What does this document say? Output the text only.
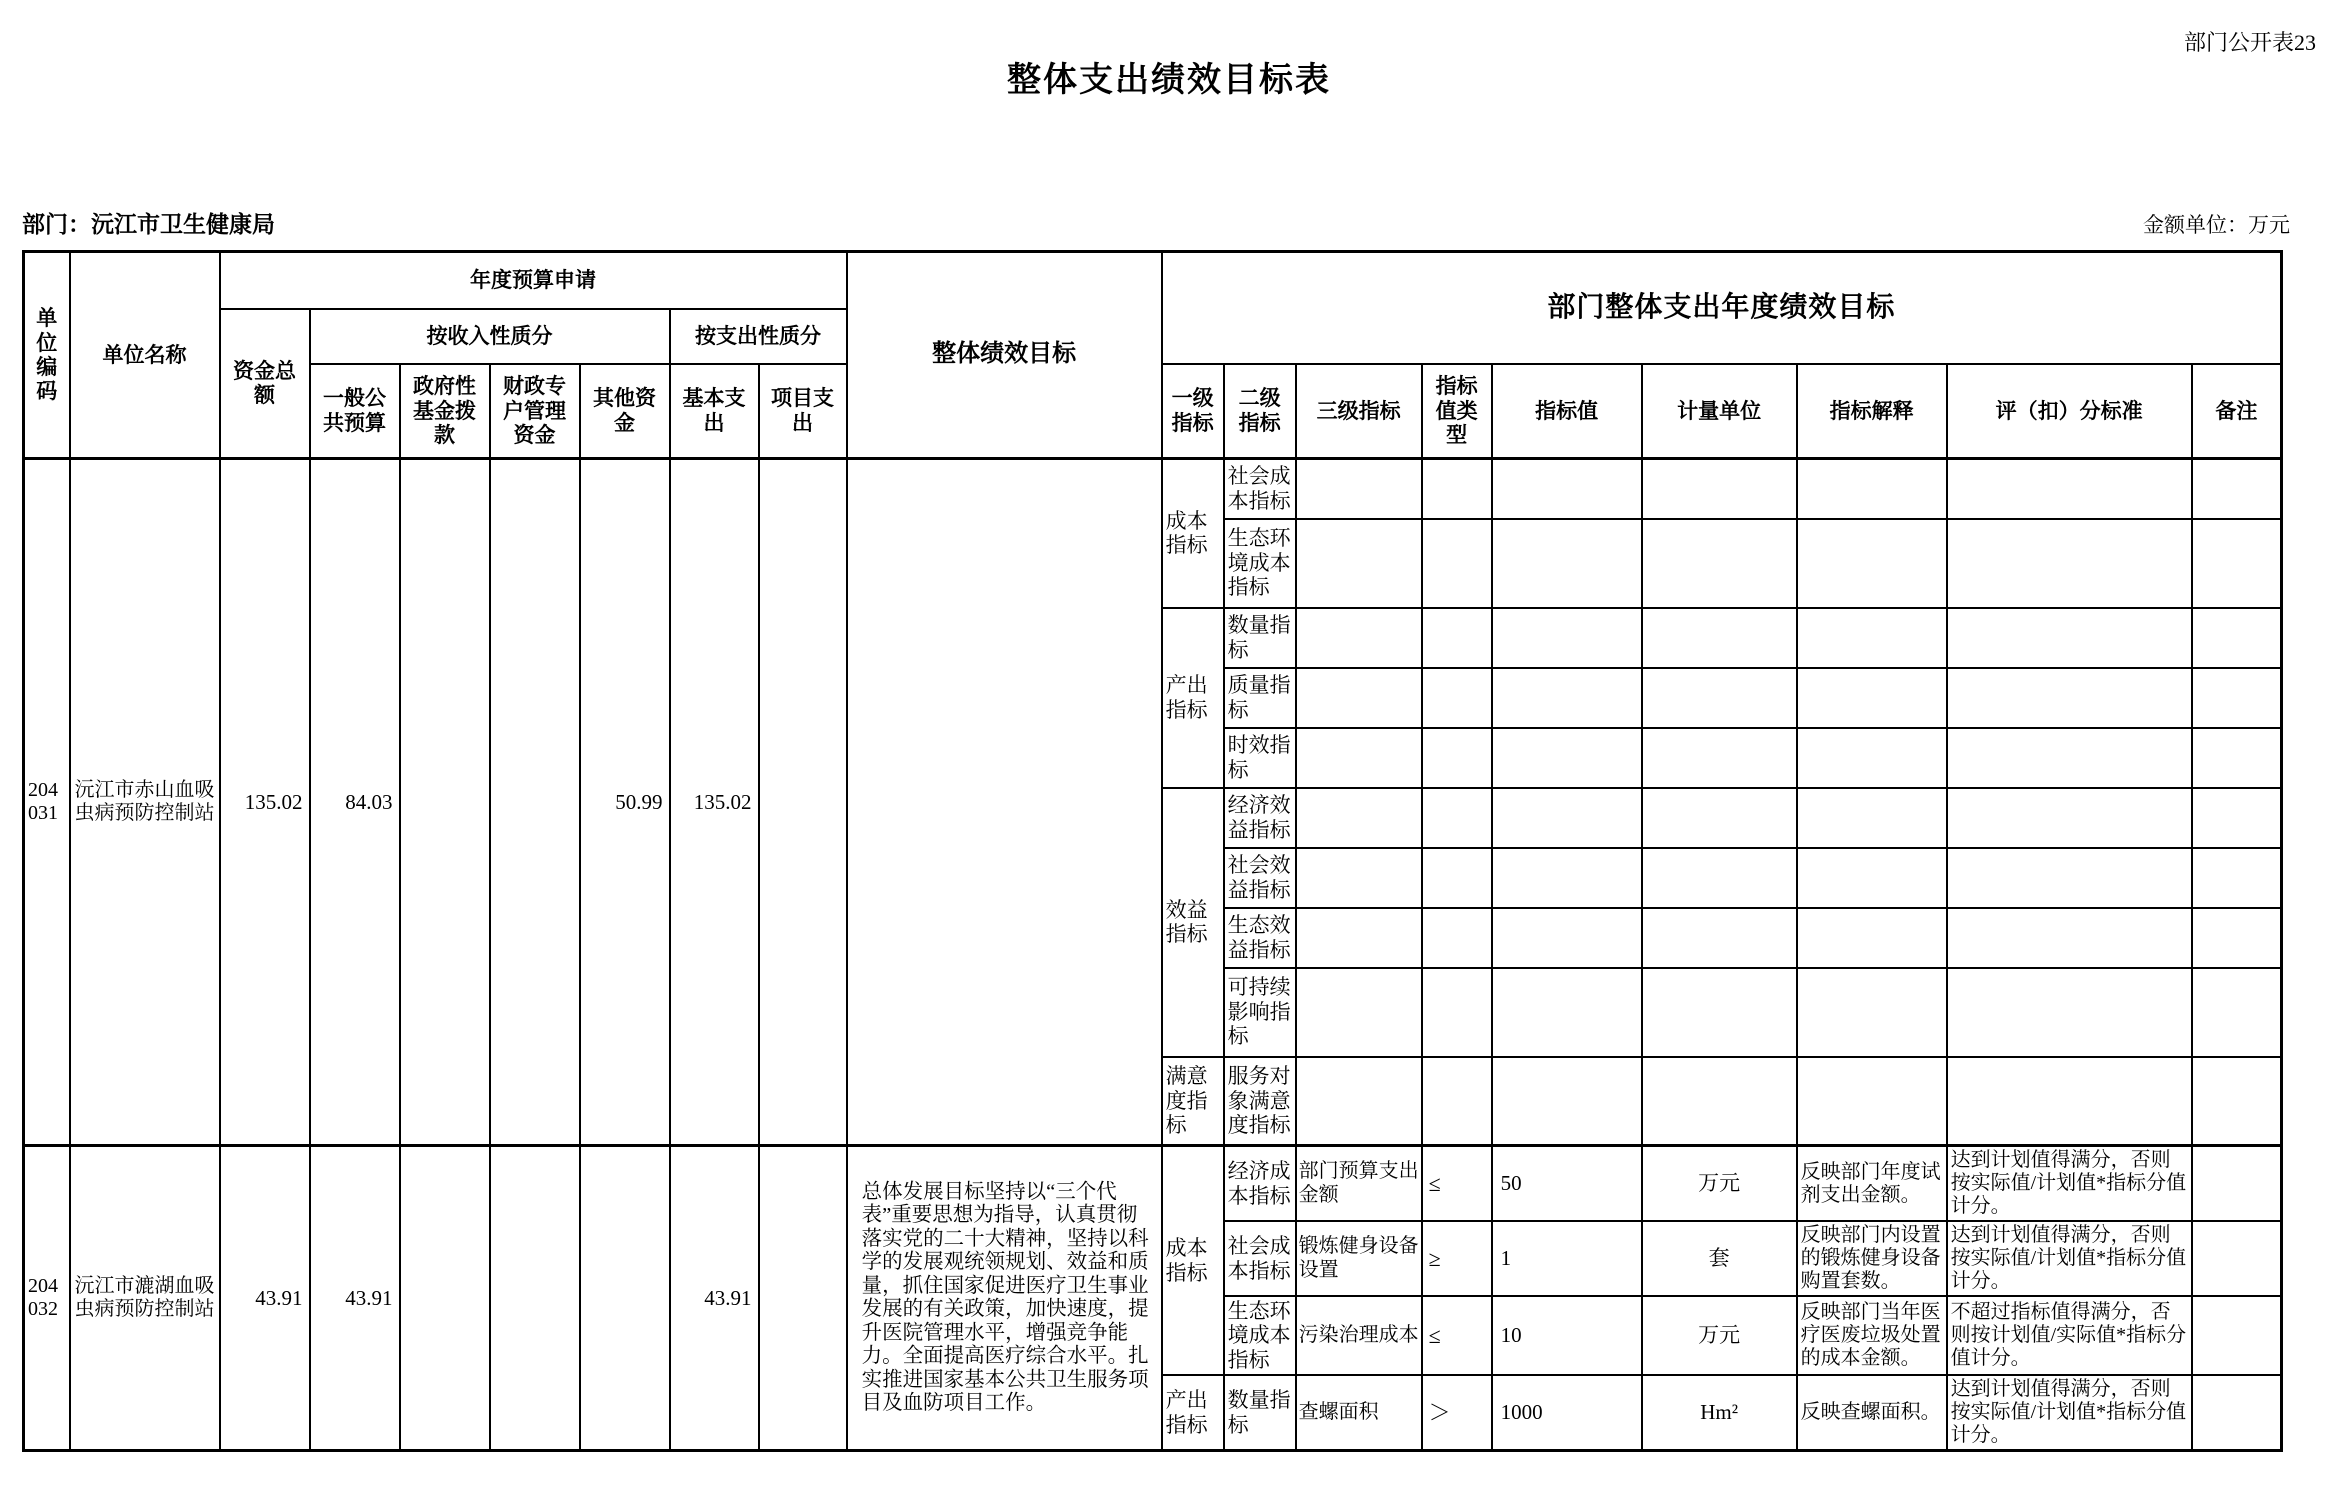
部门公开表23
整体支出绩效目标表
部门：沅江市卫生健康局	金额单位：万元
单位编码	单位名称	年度预算申请							整体绩效目标	部门整体支出年度绩效目标								
		资金总额	按收入性质分				按支出性质分											
			一般公共预算	政府性基金拨款	财政专户管理资金	其他资金	基本支出	项目支出		一级指标	二级指标	三级指标	指标值类型	指标值	计量单位	指标解释	评（扣）分标准	备注
204031	沅江市赤山血吸虫病预防控制站	135.02	84.03			50.99	135.02			成本指标	社会成本指标							
											生态环境成本指标							
										产出指标	数量指标							
											质量指标							
											时效指标							
										效益指标	经济效益指标							
											社会效益指标							
											生态效益指标							
											可持续影响指标							
										满意度指标	服务对象满意度指标							
204032	沅江市漉湖血吸虫病预防控制站	43.91	43.91				43.91		总体发展目标坚持以“三个代表”重要思想为指导，认真贯彻落实党的二十大精神，坚持以科学的发展观统领规划、效益和质量，抓住国家促进医疗卫生事业发展的有关政策，加快速度，提升医院管理水平，增强竞争能力。全面提高医疗综合水平。扎实推进国家基本公共卫生服务项目及血防项目工作。	成本指标	经济成本指标	部门预算支出金额	≤	50	万元	反映部门年度试剂支出金额。	达到计划值得满分，否则按实际值/计划值*指标分值计分。	
											社会成本指标	锻炼健身设备设置	≥	1	套	反映部门内设置的锻炼健身设备购置套数。	达到计划值得满分，否则按实际值/计划值*指标分值计分。	
											生态环境成本指标	污染治理成本	≤	10	万元	反映部门当年医疗医废垃圾处置的成本金额。	不超过指标值得满分，否则按计划值/实际值*指标分值计分。	
										产出指标	数量指标	查螺面积	＞	1000	Hm²	反映查螺面积。	达到计划值得满分，否则按实际值/计划值*指标分值计分。	
